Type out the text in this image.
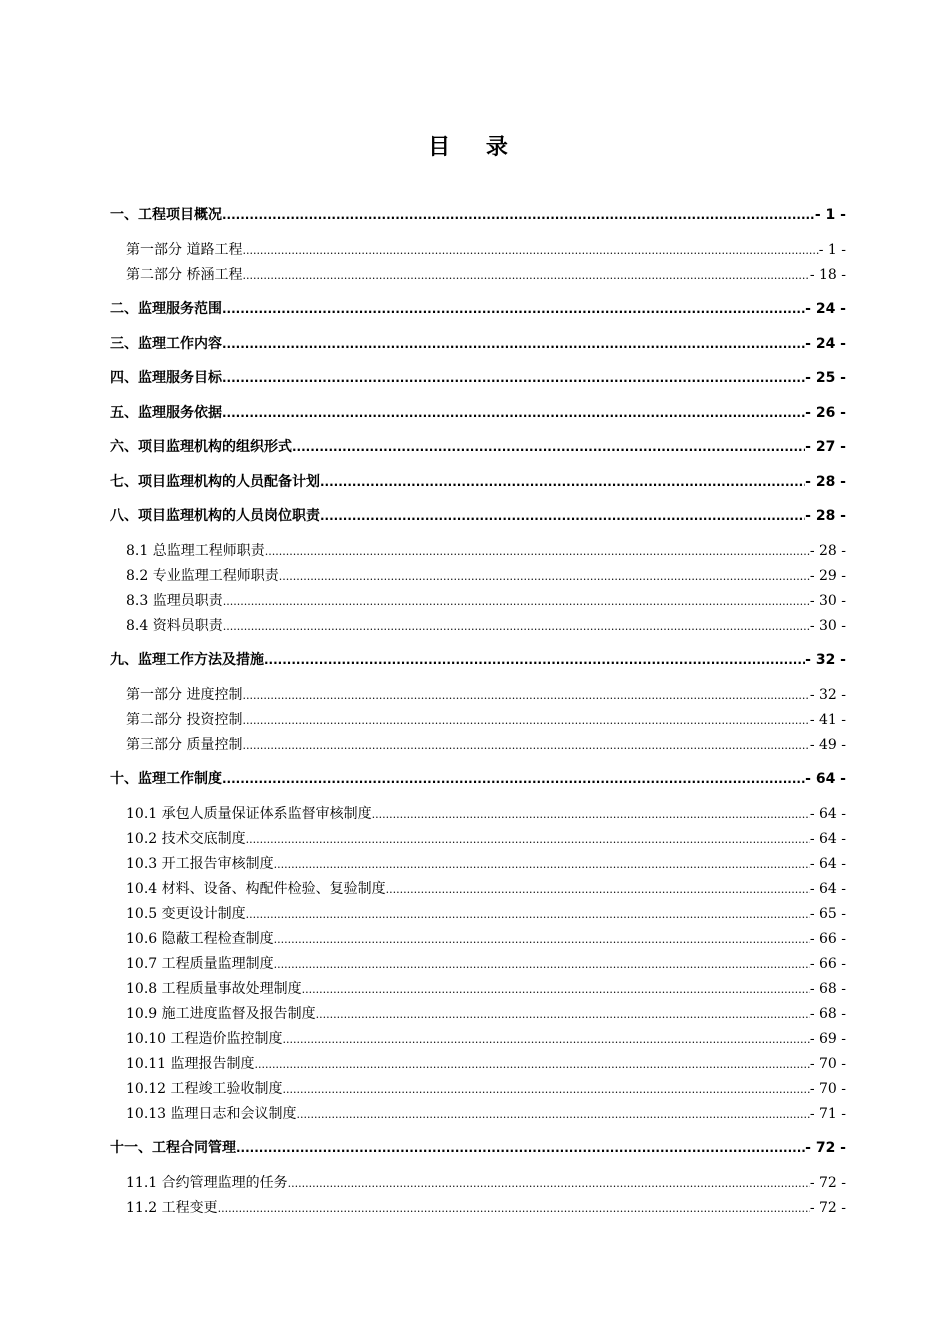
目 录
一、工程项目概况 .....	- 1 -
第一部分 道路工程 .....	- 1 -
第二部分 桥涵工程 .....	- 18 -
二、监理服务范围 .....	- 24 -
三、监理工作内容 .....	- 24 -
四、监理服务目标 .....	- 25 -
五、监理服务依据 .....	- 26 -
六、项目监理机构的组织形式 .....	- 27 -
七、项目监理机构的人员配备计划 .....	- 28 -
八、项目监理机构的人员岗位职责 .....	- 28 -
8.1 总监理工程师职责 .....	- 28 -
8.2 专业监理工程师职责 .....	- 29 -
8.3 监理员职责 .....	- 30 -
8.4 资料员职责 .....	- 30 -
九、监理工作方法及措施 .....	- 32 -
第一部分 进度控制 .....	- 32 -
第二部分 投资控制 .....	- 41 -
第三部分 质量控制 .....	- 49 -
十、监理工作制度 .....	- 64 -
10.1 承包人质量保证体系监督审核制度 .....	- 64 -
10.2 技术交底制度 .....	- 64 -
10.3 开工报告审核制度 .....	- 64 -
10.4 材料、设备、构配件检验、复验制度 .....	- 64 -
10.5 变更设计制度 .....	- 65 -
10.6 隐蔽工程检查制度 .....	- 66 -
10.7 工程质量监理制度 .....	- 66 -
10.8 工程质量事故处理制度 .....	- 68 -
10.9 施工进度监督及报告制度 .....	- 68 -
10.10 工程造价监控制度 .....	- 69 -
10.11 监理报告制度 .....	- 70 -
10.12 工程竣工验收制度 .....	- 70 -
10.13 监理日志和会议制度 .....	- 71 -
十一、工程合同管理 .....	- 72 -
11.1 合约管理监理的任务 .....	- 72 -
11.2 工程变更 .....	- 72 -
